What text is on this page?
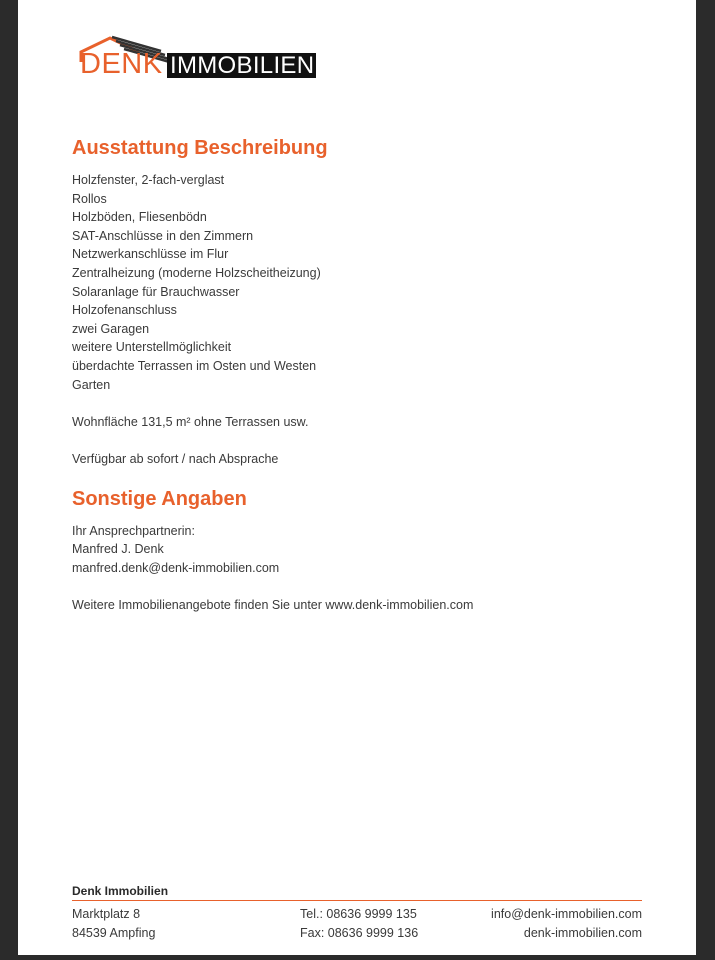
DENK IMMOBILIEN
Ausstattung Beschreibung
Holzfenster, 2-fach-verglast
Rollos
Holzböden, Fliesenbödn
SAT-Anschlüsse in den Zimmern
Netzwerkanschlüsse im Flur
Zentralheizung (moderne Holzscheitheizung)
Solaranlage für Brauchwasser
Holzofenanschluss
zwei Garagen
weitere Unterstellmöglichkeit
überdachte Terrassen im Osten und Westen
Garten
Wohnfläche 131,5 m² ohne Terrassen usw.
Verfügbar ab sofort / nach Absprache
Sonstige Angaben
Ihr Ansprechpartnerin:
Manfred J. Denk
manfred.denk@denk-immobilien.com
Weitere Immobilienangebote finden Sie unter www.denk-immobilien.com
Denk Immobilien
Marktplatz 8	Tel.: 08636 9999 135	info@denk-immobilien.com
84539 Ampfing	Fax: 08636 9999 136	denk-immobilien.com
